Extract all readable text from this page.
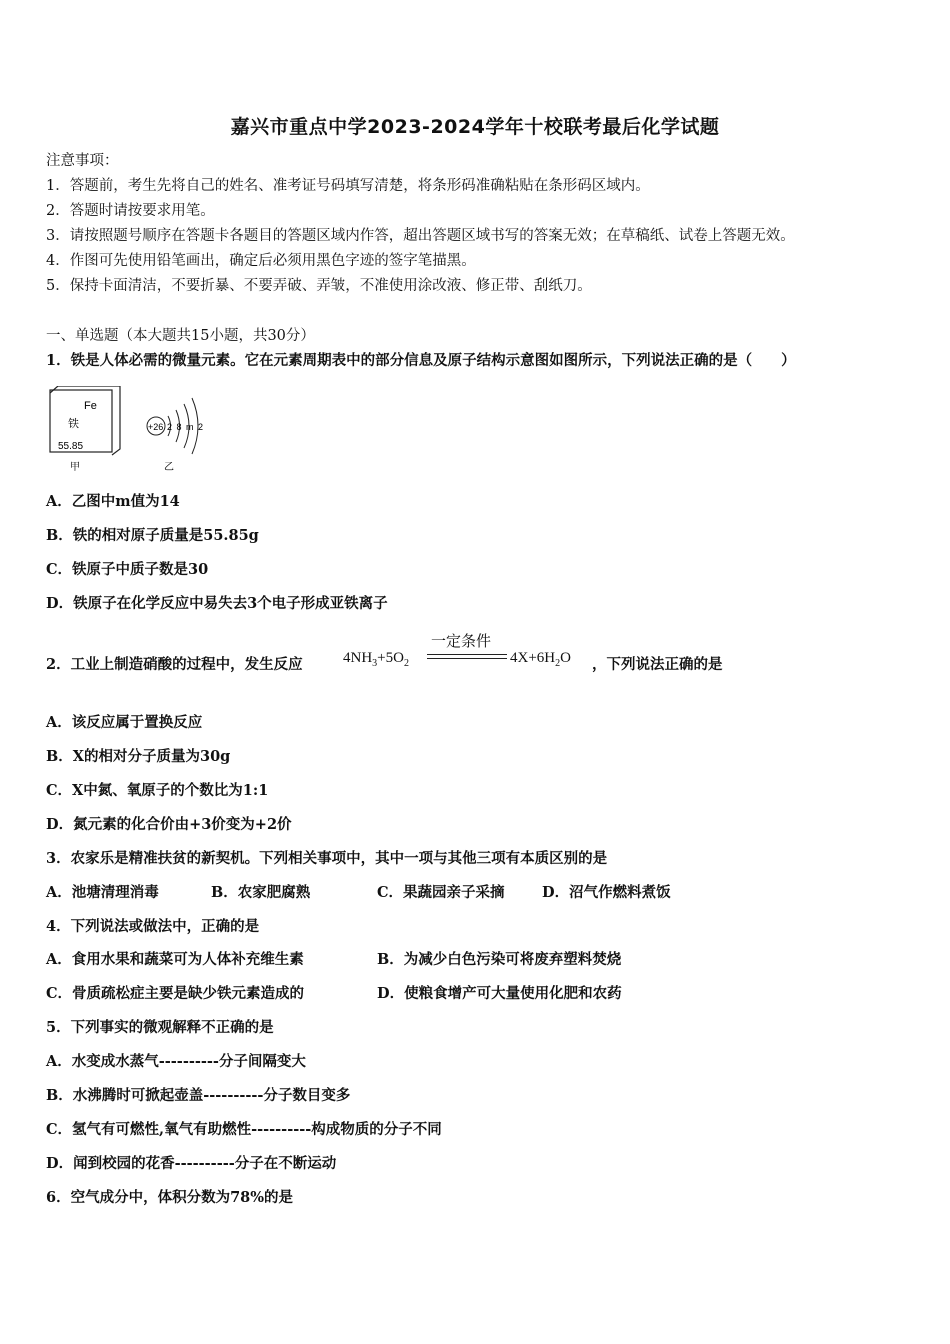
嘉兴市重点中学2023-2024学年十校联考最后化学试题
注意事项：
1．答题前，考生先将自己的姓名、准考证号码填写清楚，将条形码准确粘贴在条形码区域内。
2．答题时请按要求用笔。
3．请按照题号顺序在答题卡各题目的答题区域内作答，超出答题区域书写的答案无效；在草稿纸、试卷上答题无效。
4．作图可先使用铅笔画出，确定后必须用黑色字迹的签字笔描黑。
5．保持卡面清洁，不要折暴、不要弄破、弄皱，不准使用涂改液、修正带、刮纸刀。
一、单选题（本大题共15小题，共30分）
1．铁是人体必需的微量元素。它在元素周期表中的部分信息及原子结构示意图如图所示，下列说法正确的是（　　）
Fe
铁
55.85
甲
+26 2 8 m 2
乙
A．乙图中m值为14
B．铁的相对原子质量是55.85g
C．铁原子中质子数是30
D．铁原子在化学反应中易失去3个电子形成亚铁离子
2．工业上制造硝酸的过程中，发生反应	$4NH_3+5O_2$
一定条件
$4X+6H_2O$ ，下列说法正确的是
A．该反应属于置换反应
B．X的相对分子质量为30g
C．X中氮、氧原子的个数比为1:1
D．氮元素的化合价由+3价变为+2价
3．农家乐是精准扶贫的新契机。下列相关事项中，其中一项与其他三项有本质区别的是
A．池塘清理消毒	B．农家肥腐熟	C．果蔬园亲子采摘	D．沼气作燃料煮饭
4．下列说法或做法中，正确的是
A．食用水果和蔬菜可为人体补充维生素	B．为减少白色污染可将废弃塑料焚烧
C．骨质疏松症主要是缺少铁元素造成的	D．使粮食增产可大量使用化肥和农药
5．下列事实的微观解释不正确的是
A．水变成水蒸气----------分子间隔变大
B．水沸腾时可掀起壶盖----------分子数目变多
C．氢气有可燃性,氧气有助燃性----------构成物质的分子不同
D．闻到校园的花香----------分子在不断运动
6．空气成分中，体积分数为78%的是
